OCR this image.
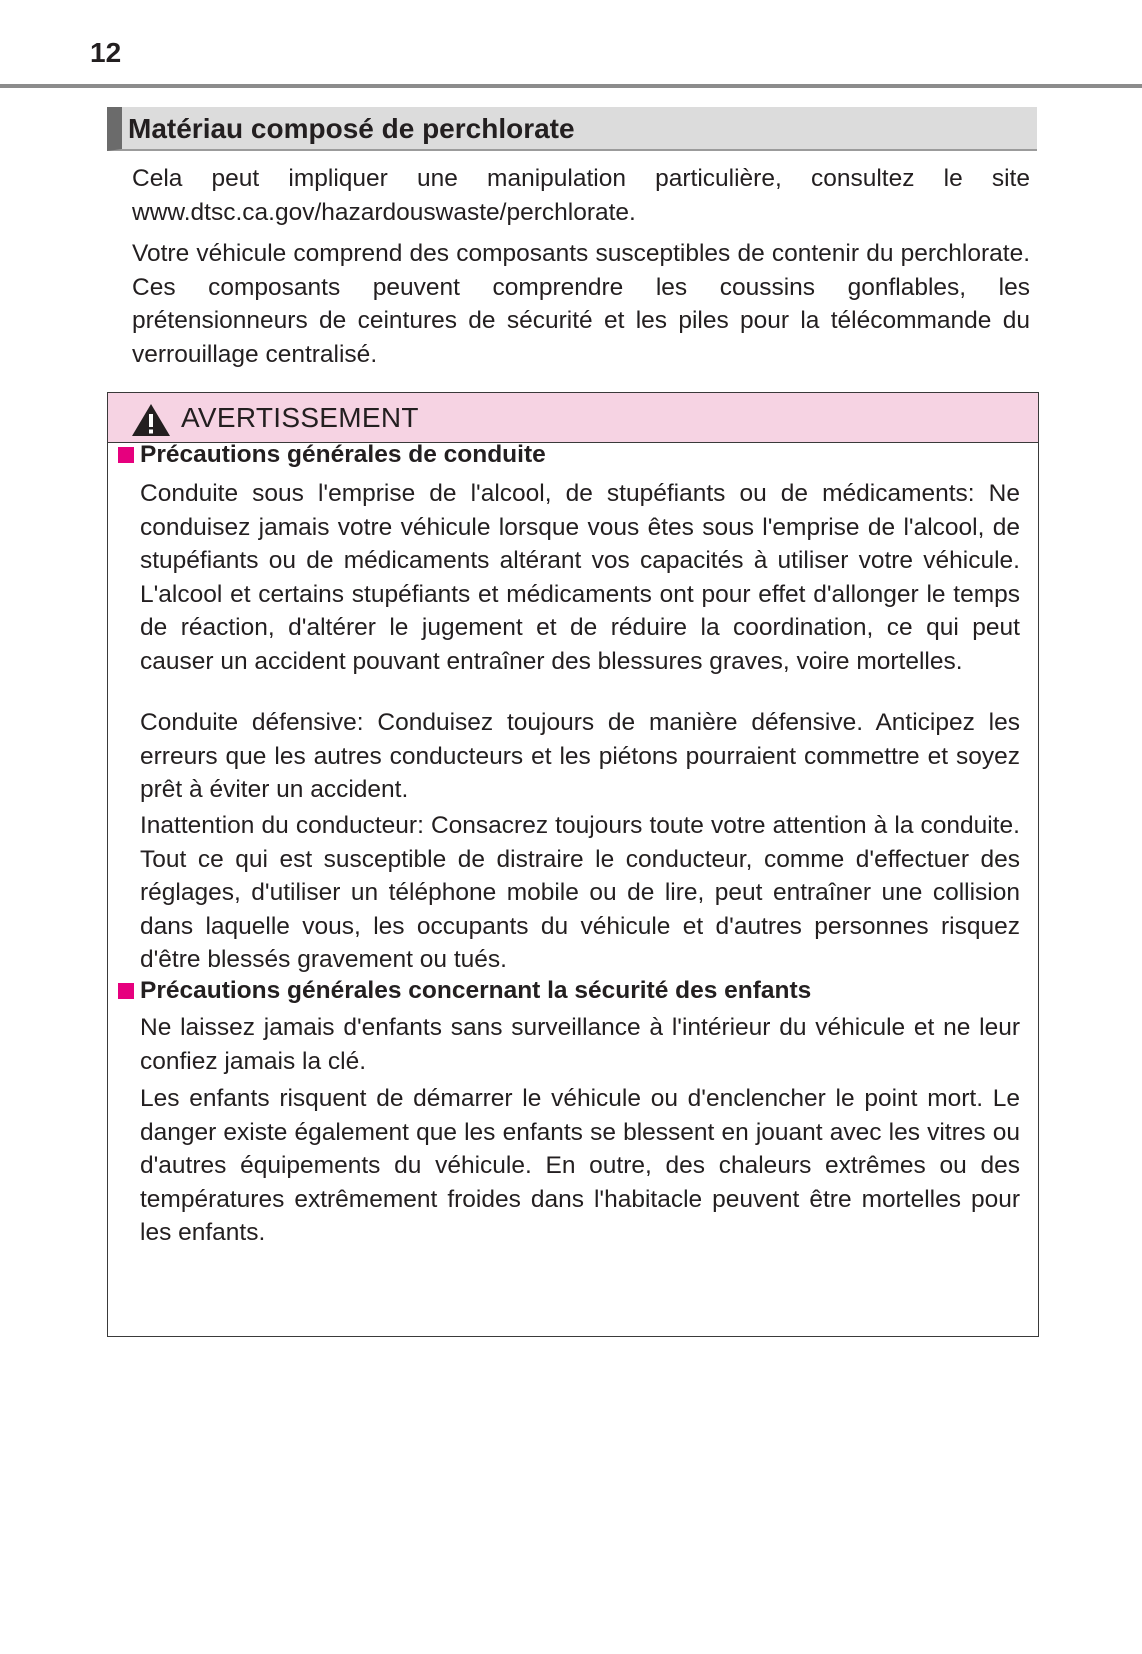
12
Matériau composé de perchlorate

Cela peut impliquer une manipulation particulière, consultez le site www.dtsc.ca.gov/hazardouswaste/perchlorate.

Votre véhicule comprend des composants susceptibles de contenir du perchlorate. Ces composants peuvent comprendre les coussins gonflables, les prétensionneurs de ceintures de sécurité et les piles pour la télécommande du verrouillage centralisé.

AVERTISSEMENT
Précautions générales de conduite

Conduite sous l'emprise de l'alcool, de stupéfiants ou de médicaments: Ne conduisez jamais votre véhicule lorsque vous êtes sous l'emprise de l'alcool, de stupéfiants ou de médicaments altérant vos capacités à utiliser votre véhicule. L'alcool et certains stupéfiants et médicaments ont pour effet d'allonger le temps de réaction, d'altérer le jugement et de réduire la coordination, ce qui peut causer un accident pouvant entraîner des blessures graves, voire mortelles.

Conduite défensive: Conduisez toujours de manière défensive. Anticipez les erreurs que les autres conducteurs et les piétons pourraient commettre et soyez prêt à éviter un accident.

Inattention du conducteur: Consacrez toujours toute votre attention à la conduite. Tout ce qui est susceptible de distraire le conducteur, comme d'effectuer des réglages, d'utiliser un téléphone mobile ou de lire, peut entraîner une collision dans laquelle vous, les occupants du véhicule et d'autres personnes risquez d'être blessés gravement ou tués.

Précautions générales concernant la sécurité des enfants

Ne laissez jamais d'enfants sans surveillance à l'intérieur du véhicule et ne leur confiez jamais la clé.

Les enfants risquent de démarrer le véhicule ou d'enclencher le point mort. Le danger existe également que les enfants se blessent en jouant avec les vitres ou d'autres équipements du véhicule. En outre, des chaleurs extrêmes ou des températures extrêmement froides dans l'habitacle peuvent être mortelles pour les enfants.
